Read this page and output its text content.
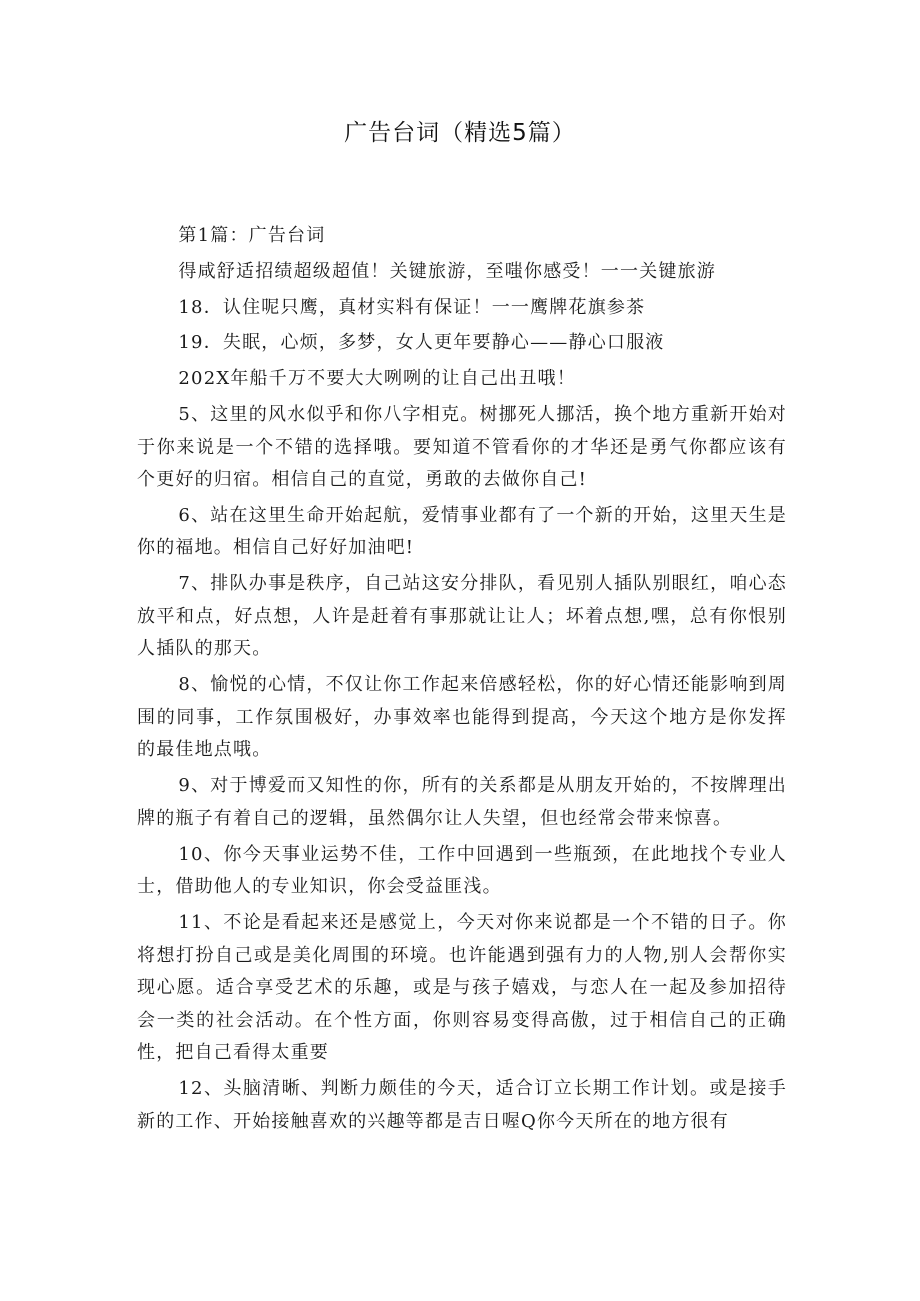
广告台词（精选5篇）

第1篇：广告台词

得咸舒适招绩超级超值！关键旅游，至嗤你感受！一一关键旅游

18．认住呢只鹰，真材实料有保证！一一鹰牌花旗参茶

19．失眠，心烦，多梦，女人更年要静心——静心口服液

202X年船千万不要大大咧咧的让自己出丑哦！

5、这里的风水似乎和你八字相克。树挪死人挪活，换个地方重新开始对于你来说是一个不错的选择哦。要知道不管看你的才华还是勇气你都应该有个更好的归宿。相信自己的直觉，勇敢的去做你自己!

6、站在这里生命开始起航，爱情事业都有了一个新的开始，这里天生是你的福地。相信自己好好加油吧!

7、排队办事是秩序，自己站这安分排队，看见别人插队别眼红，咱心态放平和点，好点想，人许是赶着有事那就让让人；坏着点想,嘿，总有你恨别人插队的那天。

8、愉悦的心情，不仅让你工作起来倍感轻松，你的好心情还能影响到周围的同事，工作氛围极好，办事效率也能得到提高，今天这个地方是你发挥的最佳地点哦。

9、对于博爱而又知性的你，所有的关系都是从朋友开始的，不按牌理出牌的瓶子有着自己的逻辑，虽然偶尔让人失望，但也经常会带来惊喜。

10、你今天事业运势不佳，工作中回遇到一些瓶颈，在此地找个专业人士，借助他人的专业知识，你会受益匪浅。

11、不论是看起来还是感觉上，今天对你来说都是一个不错的日子。你将想打扮自己或是美化周围的环境。也许能遇到强有力的人物,别人会帮你实现心愿。适合享受艺术的乐趣，或是与孩子嬉戏，与恋人在一起及参加招待会一类的社会活动。在个性方面，你则容易变得高傲，过于相信自己的正确性，把自己看得太重要

12、头脑清晰、判断力颇佳的今天，适合订立长期工作计划。或是接手新的工作、开始接触喜欢的兴趣等都是吉日喔Q你今天所在的地方很有
